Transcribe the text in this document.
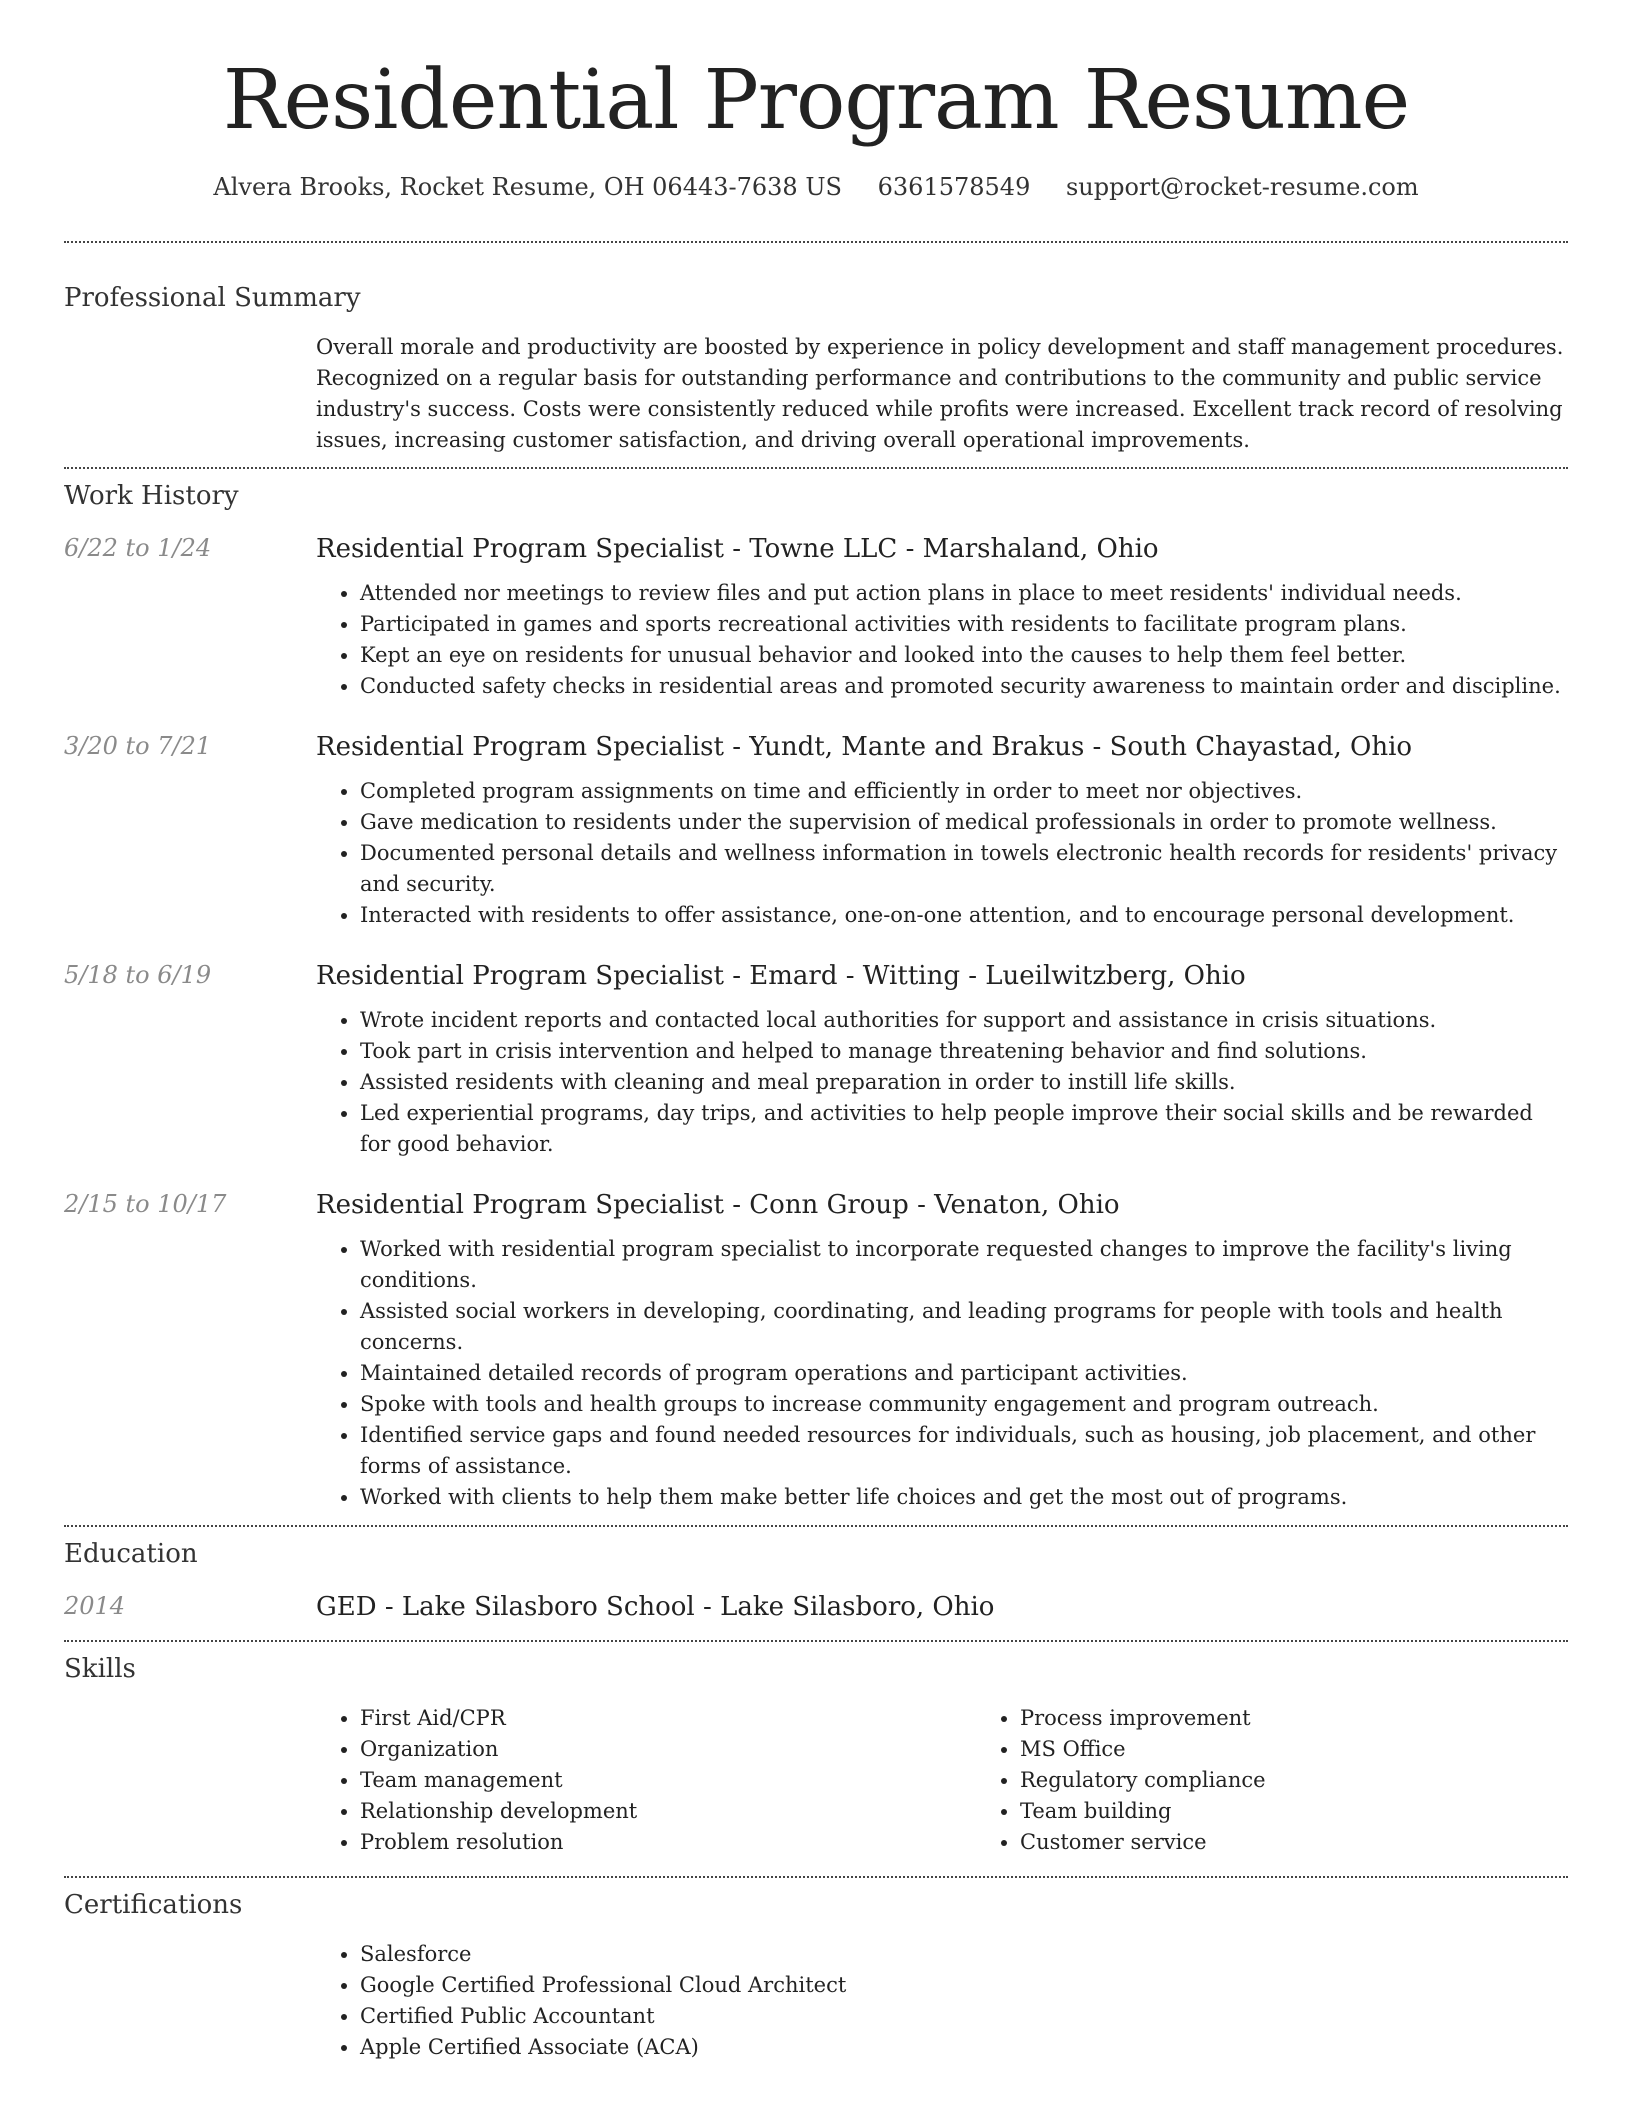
Residential Program Resume
Alvera Brooks, Rocket Resume, OH 06443-7638 US 6361578549 support@rocket-resume.com
Professional Summary
Overall morale and productivity are boosted by experience in policy development and staff management procedures. Recognized on a regular basis for outstanding performance and contributions to the community and public service industry's success. Costs were consistently reduced while profits were increased. Excellent track record of resolving issues, increasing customer satisfaction, and driving overall operational improvements.
Work History
6/22 to 1/24	Residential Program Specialist - Towne LLC - Marshaland, Ohio
• Attended nor meetings to review files and put action plans in place to meet residents' individual needs.
• Participated in games and sports recreational activities with residents to facilitate program plans.
• Kept an eye on residents for unusual behavior and looked into the causes to help them feel better.
• Conducted safety checks in residential areas and promoted security awareness to maintain order and discipline.
3/20 to 7/21	Residential Program Specialist - Yundt, Mante and Brakus - South Chayastad, Ohio
• Completed program assignments on time and efficiently in order to meet nor objectives.
• Gave medication to residents under the supervision of medical professionals in order to promote wellness.
• Documented personal details and wellness information in towels electronic health records for residents' privacy and security.
• Interacted with residents to offer assistance, one-on-one attention, and to encourage personal development.
5/18 to 6/19	Residential Program Specialist - Emard - Witting - Lueilwitzberg, Ohio
• Wrote incident reports and contacted local authorities for support and assistance in crisis situations.
• Took part in crisis intervention and helped to manage threatening behavior and find solutions.
• Assisted residents with cleaning and meal preparation in order to instill life skills.
• Led experiential programs, day trips, and activities to help people improve their social skills and be rewarded for good behavior.
2/15 to 10/17	Residential Program Specialist - Conn Group - Venaton, Ohio
• Worked with residential program specialist to incorporate requested changes to improve the facility's living conditions.
• Assisted social workers in developing, coordinating, and leading programs for people with tools and health concerns.
• Maintained detailed records of program operations and participant activities.
• Spoke with tools and health groups to increase community engagement and program outreach.
• Identified service gaps and found needed resources for individuals, such as housing, job placement, and other forms of assistance.
• Worked with clients to help them make better life choices and get the most out of programs.
Education
2014	GED - Lake Silasboro School - Lake Silasboro, Ohio
Skills
• First Aid/CPR
• Organization
• Team management
• Relationship development
• Problem resolution
• Process improvement
• MS Office
• Regulatory compliance
• Team building
• Customer service
Certifications
• Salesforce
• Google Certified Professional Cloud Architect
• Certified Public Accountant
• Apple Certified Associate (ACA)
